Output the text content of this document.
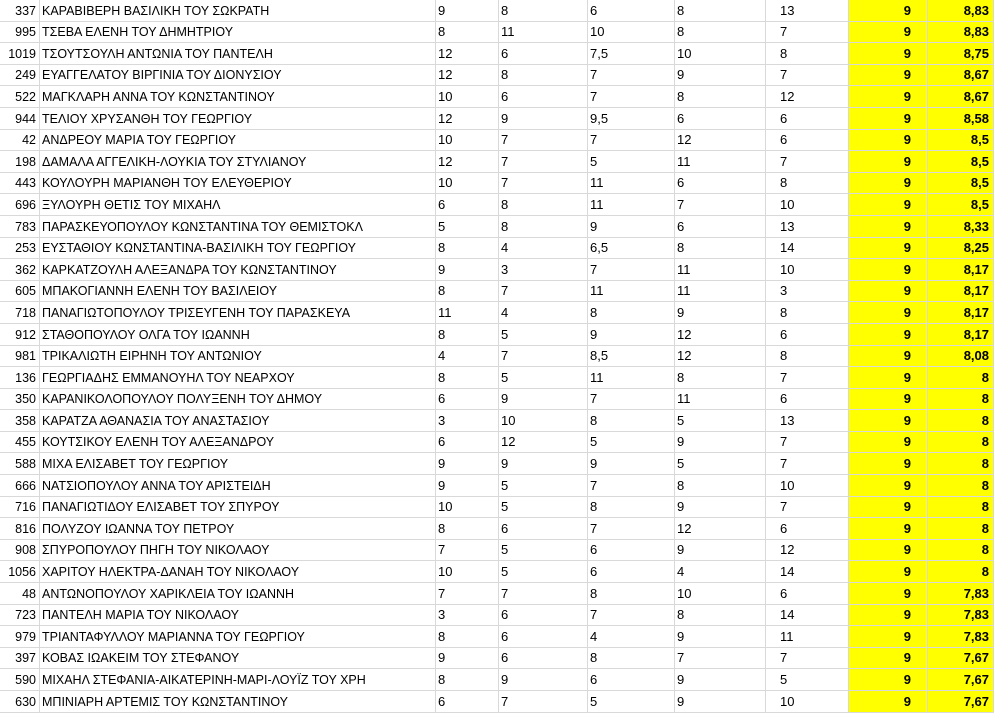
337	ΚΑΡΑΒΙΒΕΡΗ ΒΑΣΙΛΙΚΗ ΤΟΥ ΣΩΚΡΑΤΗ	9	8	6	8	13	9	8,83
995	ΤΣΕΒΑ ΕΛΕΝΗ ΤΟΥ ΔΗΜΗΤΡΙΟΥ	8	11	10	8	7	9	8,83
1019	ΤΣΟΥΤΣΟΥΛΗ ΑΝΤΩΝΙΑ ΤΟΥ ΠΑΝΤΕΛΗ	12	6	7,5	10	8	9	8,75
249	ΕΥΑΓΓΕΛΑΤΟΥ ΒΙΡΓΙΝΙΑ ΤΟΥ ΔΙΟΝΥΣΙΟΥ	12	8	7	9	7	9	8,67
522	ΜΑΓΚΛΑΡΗ ΑΝΝΑ ΤΟΥ ΚΩΝΣΤΑΝΤΙΝΟΥ	10	6	7	8	12	9	8,67
944	ΤΕΛΙΟΥ ΧΡΥΣΑΝΘΗ ΤΟΥ ΓΕΩΡΓΙΟΥ	12	9	9,5	6	6	9	8,58
42	ΑΝΔΡΕΟΥ ΜΑΡΙΑ ΤΟΥ ΓΕΩΡΓΙΟΥ	10	7	7	12	6	9	8,5
198	ΔΑΜΑΛΑ ΑΓΓΕΛΙΚΗ-ΛΟΥΚΙΑ ΤΟΥ ΣΤΥΛΙΑΝΟΥ	12	7	5	11	7	9	8,5
443	ΚΟΥΛΟΥΡΗ ΜΑΡΙΑΝΘΗ ΤΟΥ ΕΛΕΥΘΕΡΙΟΥ	10	7	11	6	8	9	8,5
696	ΞΥΛΟΥΡΗ ΘΕΤΙΣ ΤΟΥ ΜΙΧΑΗΛ	6	8	11	7	10	9	8,5
783	ΠΑΡΑΣΚΕΥΟΠΟΥΛΟΥ ΚΩΝΣΤΑΝΤΙΝΑ ΤΟΥ ΘΕΜΙΣΤΟΚΛ	5	8	9	6	13	9	8,33
253	ΕΥΣΤΑΘΙΟΥ ΚΩΝΣΤΑΝΤΙΝΑ-ΒΑΣΙΛΙΚΗ ΤΟΥ ΓΕΩΡΓΙΟΥ	8	4	6,5	8	14	9	8,25
362	ΚΑΡΚΑΤΖΟΥΛΗ ΑΛΕΞΑΝΔΡΑ ΤΟΥ ΚΩΝΣΤΑΝΤΙΝΟΥ	9	3	7	11	10	9	8,17
605	ΜΠΑΚΟΓΙΑΝΝΗ ΕΛΕΝΗ ΤΟΥ ΒΑΣΙΛΕΙΟΥ	8	7	11	11	3	9	8,17
718	ΠΑΝΑΓΙΩΤΟΠΟΥΛΟΥ ΤΡΙΣΕΥΓΕΝΗ ΤΟΥ ΠΑΡΑΣΚΕΥΑ	11	4	8	9	8	9	8,17
912	ΣΤΑΘΟΠΟΥΛΟΥ ΟΛΓΑ ΤΟΥ ΙΩΑΝΝΗ	8	5	9	12	6	9	8,17
981	ΤΡΙΚΑΛΙΩΤΗ ΕΙΡΗΝΗ ΤΟΥ ΑΝΤΩΝΙΟΥ	4	7	8,5	12	8	9	8,08
136	ΓΕΩΡΓΙΑΔΗΣ ΕΜΜΑΝΟΥΗΛ ΤΟΥ ΝΕΑΡΧΟΥ	8	5	11	8	7	9	8
350	ΚΑΡΑΝΙΚΟΛΟΠΟΥΛΟΥ ΠΟΛΥΞΕΝΗ ΤΟΥ ΔΗΜΟΥ	6	9	7	11	6	9	8
358	ΚΑΡΑΤΖΑ ΑΘΑΝΑΣΙΑ ΤΟΥ ΑΝΑΣΤΑΣΙΟΥ	3	10	8	5	13	9	8
455	ΚΟΥΤΣΙΚΟΥ ΕΛΕΝΗ ΤΟΥ ΑΛΕΞΑΝΔΡΟΥ	6	12	5	9	7	9	8
588	ΜΙΧΑ ΕΛΙΣΑΒΕΤ ΤΟΥ ΓΕΩΡΓΙΟΥ	9	9	9	5	7	9	8
666	ΝΑΤΣΙΟΠΟΥΛΟΥ ΑΝΝΑ ΤΟΥ ΑΡΙΣΤΕΙΔΗ	9	5	7	8	10	9	8
716	ΠΑΝΑΓΙΩΤΙΔΟΥ ΕΛΙΣΑΒΕΤ ΤΟΥ ΣΠΥΡΟΥ	10	5	8	9	7	9	8
816	ΠΟΛΥΖΟΥ ΙΩΑΝΝΑ ΤΟΥ ΠΕΤΡΟΥ	8	6	7	12	6	9	8
908	ΣΠΥΡΟΠΟΥΛΟΥ ΠΗΓΗ ΤΟΥ ΝΙΚΟΛΑΟΥ	7	5	6	9	12	9	8
1056	ΧΑΡΙΤΟΥ ΗΛΕΚΤΡΑ-ΔΑΝΑΗ ΤΟΥ ΝΙΚΟΛΑΟΥ	10	5	6	4	14	9	8
48	ΑΝΤΩΝΟΠΟΥΛΟΥ ΧΑΡΙΚΛΕΙΑ ΤΟΥ ΙΩΑΝΝΗ	7	7	8	10	6	9	7,83
723	ΠΑΝΤΕΛΗ ΜΑΡΙΑ ΤΟΥ ΝΙΚΟΛΑΟΥ	3	6	7	8	14	9	7,83
979	ΤΡΙΑΝΤΑΦΥΛΛΟΥ ΜΑΡΙΑΝΝΑ ΤΟΥ ΓΕΩΡΓΙΟΥ	8	6	4	9	11	9	7,83
397	ΚΟΒΑΣ ΙΩΑΚΕΙΜ ΤΟΥ ΣΤΕΦΑΝΟΥ	9	6	8	7	7	9	7,67
590	ΜΙΧΑΗΛ ΣΤΕΦΑΝΙΑ-ΑΙΚΑΤΕΡΙΝΗ-ΜΑΡΙ-ΛΟΥΪΖ ΤΟΥ ΧΡΗ	8	9	6	9	5	9	7,67
630	ΜΠΙΝΙΑΡΗ ΑΡΤΕΜΙΣ ΤΟΥ ΚΩΝΣΤΑΝΤΙΝΟΥ	6	7	5	9	10	9	7,67
